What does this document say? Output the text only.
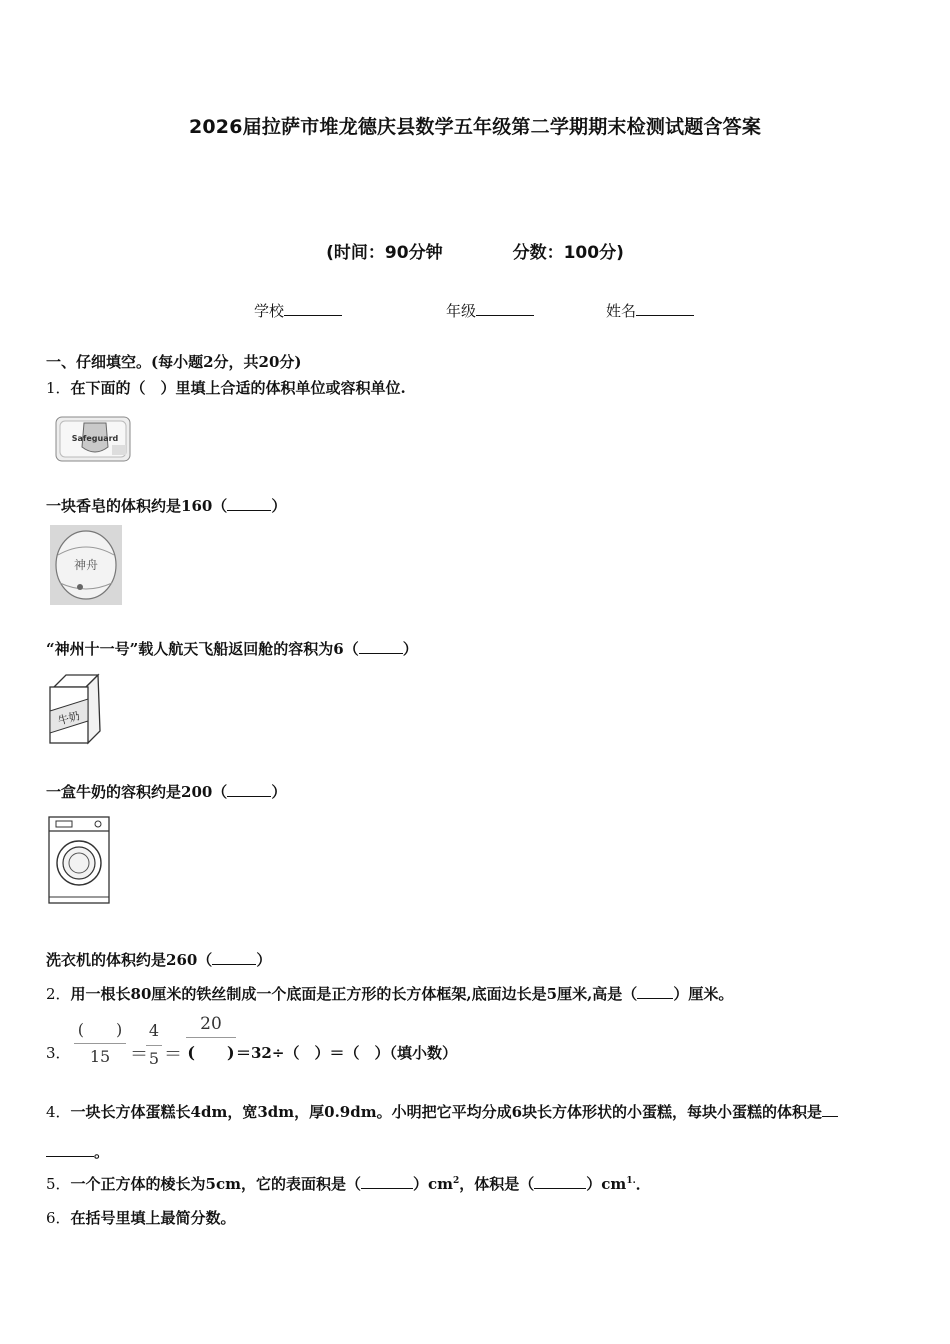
2026届拉萨市堆龙德庆县数学五年级第二学期期末检测试题含答案
(时间：90分钟	分数：100分)
学校	年级	姓名
一、仔细填空。(每小题2分，共20分)
1．在下面的（　）里填上合适的体积单位或容积单位.
Safeguard
一块香皂的体积约是160（	）
神舟
“神州十一号”载人航天飞船返回舱的容积为6（	）
牛奶
一盒牛奶的容积约是200（	）
洗衣机的体积约是260（	）
2．用一根长80厘米的铁丝制成一个底面是正方形的长方体框架,底面边长是5厘米,高是（ ）厘米。
3．
(　　)
15	＝
4
5 ＝
20
(　　) ＝32÷（　）＝（　）（填小数）
4．一块长方体蛋糕长4dm，宽3dm，厚0.9dm。小明把它平均分成6块长方体形状的小蛋糕，每块小蛋糕的体积是
。
5．一个正方体的棱长为5cm，它的表面积是（	）$cm^2$，体积是（	）$cm^{1.}$．
6．在括号里填上最简分数。
